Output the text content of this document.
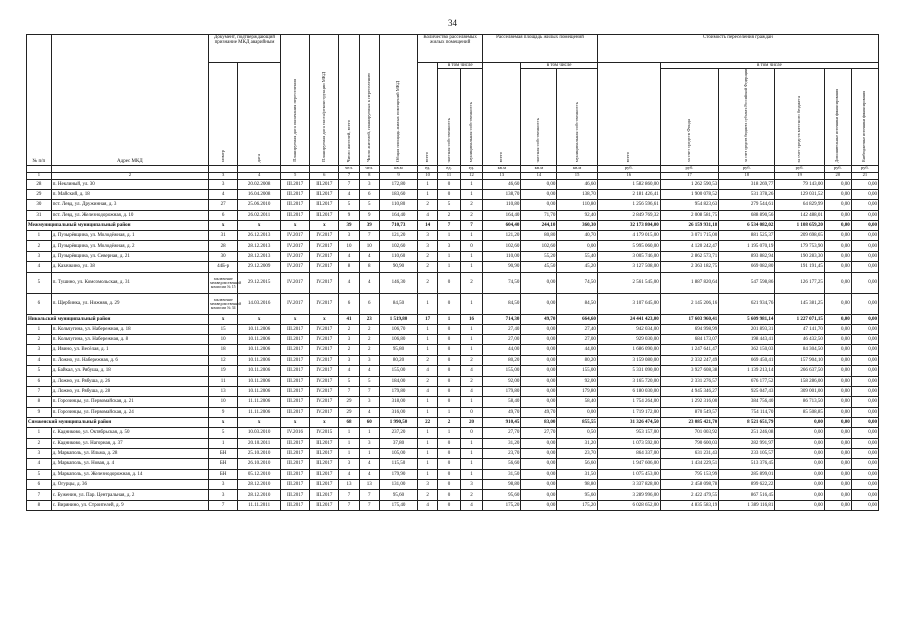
34
№ п/п	Адрес МКД	Документ, подтверждающий признание МКД аварийным		Планируемая дата окончания переселения	Планируемая дата сноса/реконструкции МКД	Число жителей, всего	Число жителей, планируемых к переселению	Общая площадь жилых помещений МКД	Количество расселяемых жилых помещений			Расселяемая площадь жилых помещений			Стоимость переселения граждан					
		номер	дата						всего	в том числе		всего	в том числе		всего	в том числе				
										частная собственность	муниципальная собственность		частная собственность	муниципальная собственность		за счет средств Фонда	за счет средств бюджета субъекта Российской Федерации	за счет средств местного бюджета	Дополнительные источники финансирования	Внебюджетные источники финансирования

						чел.	чел.	кв.м	ед.	ед.	ед.	кв.м	кв.м	кв.м	руб.	руб.	руб.	руб.	руб.	руб.
1	2	3	4	5	6	7	8	9	10	11	12	13	14	15	16	17	18	19	20	21
28	п. Неклиный, ул. 30	3	20.02.2008	III.2017	III.2017	7	3	172,80	1	0	1	46,60	0,00	46,60	1 582 860,00	1 262 590,53	318 269,77	79 143,00	0,00	0,00
29	п. Майский, д. 18	4	16.04.2008	III.2017	III.2017	4	6	183,60	1	0	1	138,70	0,00	138,70	2 181 426,41	1 900 078,52	531 378,26	129 031,52	0,00	0,00
30	пст. Левд, ул. Дружинная, д. 3	27	25.06.2010	III.2017	III.2017	5	5	110,80	2	5	2	110,80	0,00	110,80	1 256 596,61	954 823,63	279 544,61	64 829,99	0,00	0,00
31	пст. Левд, ул. Железнодорожная, д. 10	6	26.02.2011	III.2017	III.2017	9	9	164,40	4	2	2	164,40	71,70	92,40	2 849 769,32	2 008 581,75	688 890,56	142 488,01	0,00	0,00
Межмуниципальный муниципальный район		x	x	x	x	39	39	710,73	14	7	7	604,40	244,10	360,30	32 173 804,00	26 159 931,18	6 534 082,02	1 108 659,20	0,00	0,00
1	д. Пузырёвщина, ул. Молодёжная, д. 1	31	26.12.2013	IV.2017	IV.2017	3	7	121,20	3	1	1	121,20	80,80	40,70	4 179 015,00	3 071 715,00	881 525,37	209 698,65	0,00	0,00
2	д. Пузырёвщина, ул. Молодёжная, д. 2	28	28.12.2013	IV.2017	IV.2017	10	10	102,60	3	3	0	102,60	102,60	0,00	5 995 060,00	4 120 242,47	1 195 070,19	179 753,90	0,00	0,00
3	д. Пузырёвщина, ул. Северная, д. 21	30	28.12.2013	IV.2017	IV.2017	4	4	110,60	2	1	1	110,00	55,20	55,40	3 005 746,00	2 862 573,71	893 882,94	190 283,30	0,00	0,00
4	д. Казачкино, ул. 38	44Б-р	29.12.2009	IV.2017	IV.2017	8	8	90,90	2	1	1	90,90	45,50	45,20	3 127 508,00	2 363 182,75	669 082,80	191 191,45	0,00	0,00
5	п. Тушино, ул. Комсомольская, д. 31	заключение межведомственной комиссии № 15	29.12.2015	IV.2017	IV.2017	4	4	146,30	2	0	2	74,50	0,00	74,50	2 561 545,00	1 887 820,64	547 598,86	126 177,25	0,00	0,00
6	п. Щербинка, ул. Нижняя, д. 29	заключение межведомственной комиссии № 34	14.03.2016	IV.2017	IV.2017	6	6	84,50	1	0	1	84,50	0,00	84,50	3 107 645,00	2 145 206,16	621 934,76	145 381,25	0,00	0,00
Никольский муниципальный район		x	x	x	x	41	23	1 519,80	17	1	16	714,30	49,70	664,60	24 441 423,00	17 603 960,41	5 609 981,14	1 227 071,15	0,00	0,00
1	п. Кольчугина, ул. Набережная, д. 18	15	10.11.2006	III.2017	IV.2017	2	2	106,70	1	0	1	27,40	0,00	27,40	942 034,00	694 998,99	201 893,31	47 141,70	0,00	0,00
2	п. Кольчугина, ул. Набережная, д. 8	10	10.11.2006	III.2017	IV.2017	3	2	106,80	1	0	1	27,00	0,00	27,00	929 030,00	684 173,07	198 443,41	46 432,50	0,00	0,00
3	д. Ивино, ул. Весёлая, д. 1	18	10.11.2006	III.2017	IV.2017	2	2	95,80	1	0	1	44,00	0,00	44,00	1 686 090,00	1 247 641,47	362 150,03	84 304,50	0,00	0,00
4	п. Ложно, ул. Набережная, д. 6	12	10.11.2006	III.2017	IV.2017	3	3	80,20	2	0	2	80,20	0,00	80,20	3 159 080,00	2 332 247,49	669 450,41	157 904,10	0,00	0,00
5	д. Байкал, ул. Рябуша, д. 18	19	10.11.2006	III.2017	IV.2017	4	4	155,00	4	0	4	155,00	0,00	155,00	5 331 090,00	3 927 608,38	1 139 213,14	266 637,50	0,00	0,00
6	д. Ложно, ул. Рябуша, д. 26	11	10.11.2006	III.2017	IV.2017	5	5	184,00	2	0	2	92,00	0,00	92,00	3 165 720,00	2 331 276,57	676 177,52	158 286,00	0,00	0,00
7	д. Ложно, ул. Рябуша, д. 28	13	10.11.2006	III.2017	IV.2017	7	7	179,80	4	0	4	179,80	0,00	179,80	6 180 030,00	4 945 346,27	925 047,43	309 001,00	0,00	0,00
8	п. Горозинцы, ул. Первомайская, д. 21	10	11.11.2006	III.2017	IV.2017	29	3	318,00	1	0	1	58,40	0,00	58,40	1 754 264,00	1 292 316,00	384 756,40	86 713,50	0,00	0,00
9	п. Горозинцы, ул. Первомайская, д. 24	9	11.11.2006	III.2017	IV.2017	29	4	316,00	1	1	0	49,70	49,70	0,00	1 719 172,00	870 549,57	754 114,70	85 508,85	0,00	0,00
Сямженский муниципальный район		x	x	x	x	68	60	1 990,50	22	2	20	910,45	83,00	855,55	31 326 474,50	23 085 421,70	8 521 651,79	0,00	0,00	0,00
1	с. Кадниково, ул. Октябрьская, д. 50	5	10.03.2010	IV.2016	IV.2015	1	1	237,20	1	1	0	27,70	27,70	0,50	953 157,00	701 003,92	251 246,08	0,00	0,00	0,00
2	с. Кадниково, ул. Нагорная, д. 37	1	20.10.2011	III.2017	III.2017	1	3	37,80	1	0	1	31,20	0,00	31,20	1 073 592,00	790 600,03	282 991,97	0,00	0,00	0,00
3	д. Маркаполь, ул. Ильма, д. 28	БН	25.10.2010	III.2017	III.2017	1	1	105,00	1	0	1	23,70	0,00	23,70	864 337,00	631 231,43	233 105,57	0,00	0,00	0,00
4	д. Маркаполь, ул. Новая, д. 4	БН	26.10.2010	III.2017	III.2017	3	4	115,50	1	0	1	56,60	0,00	56,60	1 947 606,00	1 434 229,51	513 376,45	0,00	0,00	0,00
5	д. Маркаполь, ул. Железнодорожная, д. 14	БН	05.12.2010	III.2017	III.2017	4	4	179,90	1	0	1	31,50	0,00	31,50	1 075 453,00	795 153,99	285 899,01	0,00	0,00	0,00
6	д. Огурцы, д. 36	3	28.12.2010	III.2017	III.2017	13	13	131,00	3	0	3	98,80	0,00	98,80	3 337 828,00	2 458 098,78	899 622,22	0,00	0,00	0,00
7	с. Буженин, ул. Пар. Центральная, д. 2	3	28.12.2010	III.2017	III.2017	7	7	95,60	2	0	2	95,60	0,00	95,60	3 289 996,00	2 422 479,55	867 516,45	0,00	0,00	0,00
8	с. Вирянино, ул. Строителей, д. 9	7	11.11.2011	III.2017	III.2017	7	7	175,40	4	0	4	175,20	0,00	175,20	6 028 652,00	4 835 583,19	1 389 116,81	0,00	0,00	0,00
